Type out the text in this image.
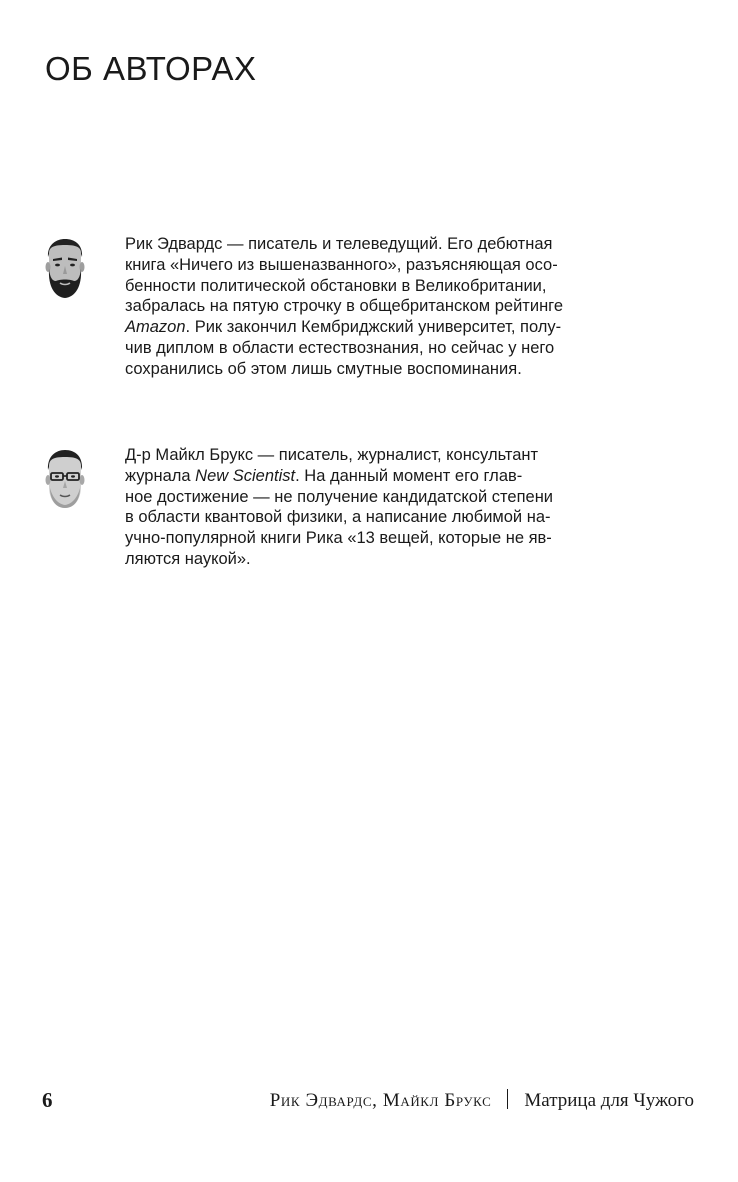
ОБ АВТОРАХ
Рик Эдвардс — писатель и телеведущий. Его дебютная
книга «Ничего из вышеназванного», разъясняющая осо-
бенности политической обстановки в Великобритании,
забралась на пятую строчку в общебританском рейтинге
Amazon. Рик закончил Кембриджский университет, полу-
чив диплом в области естествознания, но сейчас у него
сохранились об этом лишь смутные воспоминания.
Д-р Майкл Брукс — писатель, журналист, консультант
журнала New Scientist. На данный момент его глав-
ное достижение — не получение кандидатской степени
в области квантовой физики, а написание любимой на-
учно-популярной книги Рика «13 вещей, которые не яв-
ляются наукой».
6	Рик Эдвардс, Майкл Брукс Матрица для Чужого
